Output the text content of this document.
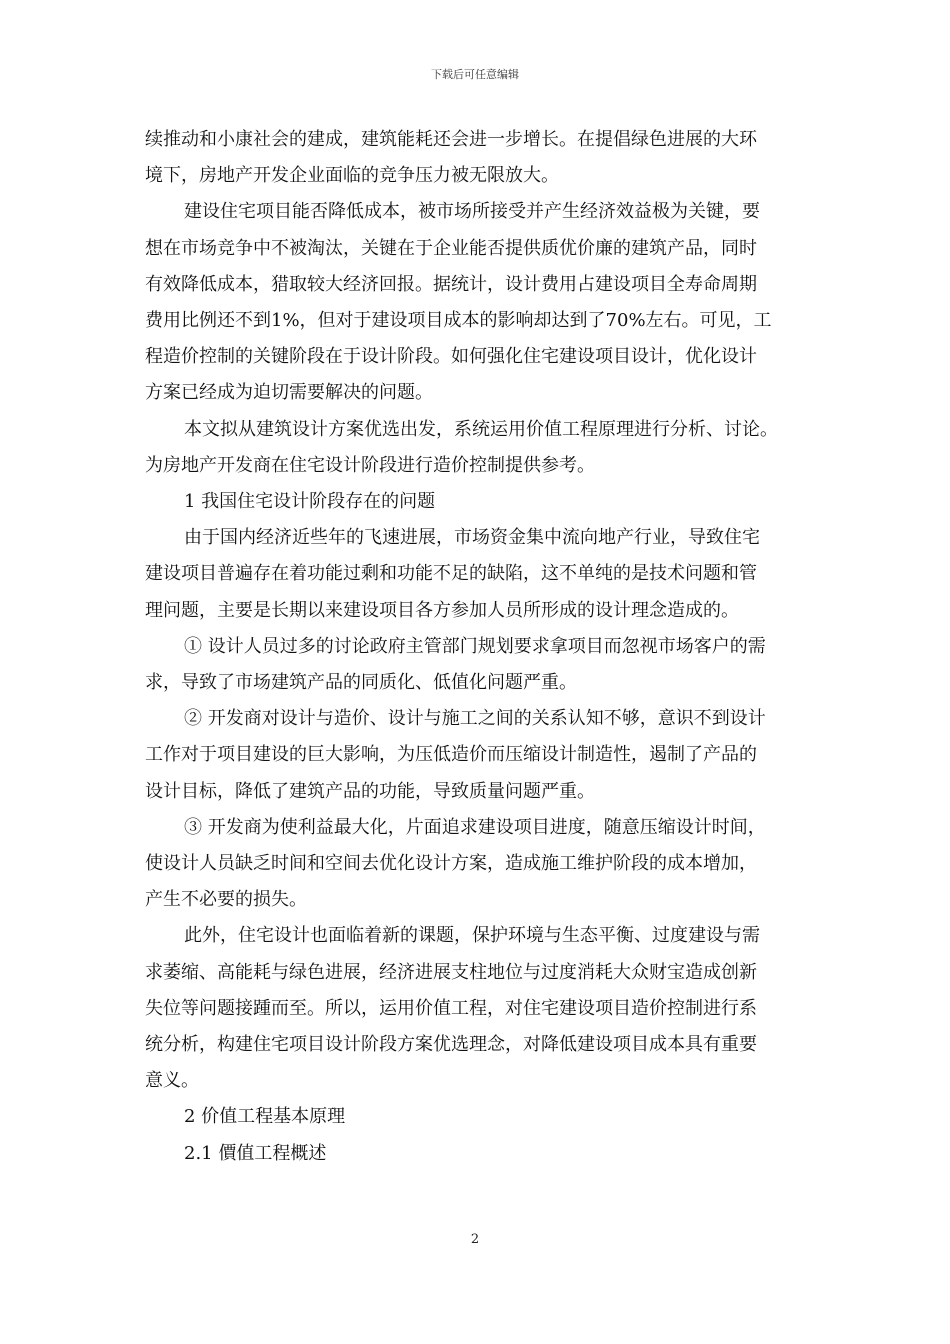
下载后可任意编辑
续推动和小康社会的建成，建筑能耗还会进一步增长。在提倡绿色进展的大环
境下，房地产开发企业面临的竞争压力被无限放大。
建设住宅项目能否降低成本，被市场所接受并产生经济效益极为关键，要
想在市场竞争中不被淘汰，关键在于企业能否提供质优价廉的建筑产品，同时
有效降低成本，猎取较大经济回报。据统计，设计费用占建设项目全寿命周期
费用比例还不到1%，但对于建设项目成本的影响却达到了70%左右。可见，工
程造价控制的关键阶段在于设计阶段。如何强化住宅建设项目设计，优化设计
方案已经成为迫切需要解决的问题。
本文拟从建筑设计方案优选出发，系统运用价值工程原理进行分析、讨论。
为房地产开发商在住宅设计阶段进行造价控制提供参考。
1 我国住宅设计阶段存在的问题
由于国内经济近些年的飞速进展，市场资金集中流向地产行业，导致住宅
建设项目普遍存在着功能过剩和功能不足的缺陷，这不单纯的是技术问题和管
理问题，主要是长期以来建设项目各方参加人员所形成的设计理念造成的。
① 设计人员过多的讨论政府主管部门规划要求拿项目而忽视市场客户的需
求，导致了市场建筑产品的同质化、低值化问题严重。
② 开发商对设计与造价、设计与施工之间的关系认知不够，意识不到设计
工作对于项目建设的巨大影响，为压低造价而压缩设计制造性，遏制了产品的
设计目标，降低了建筑产品的功能，导致质量问题严重。
③ 开发商为使利益最大化，片面追求建设项目进度，随意压缩设计时间，
使设计人员缺乏时间和空间去优化设计方案，造成施工维护阶段的成本增加，
产生不必要的损失。
此外，住宅设计也面临着新的课题，保护环境与生态平衡、过度建设与需
求萎缩、高能耗与绿色进展，经济进展支柱地位与过度消耗大众财宝造成创新
失位等问题接踵而至。所以，运用价值工程，对住宅建设项目造价控制进行系
统分析，构建住宅项目设计阶段方案优选理念，对降低建设项目成本具有重要
意义。
2 价值工程基本原理
2.1 價值工程概述
2
